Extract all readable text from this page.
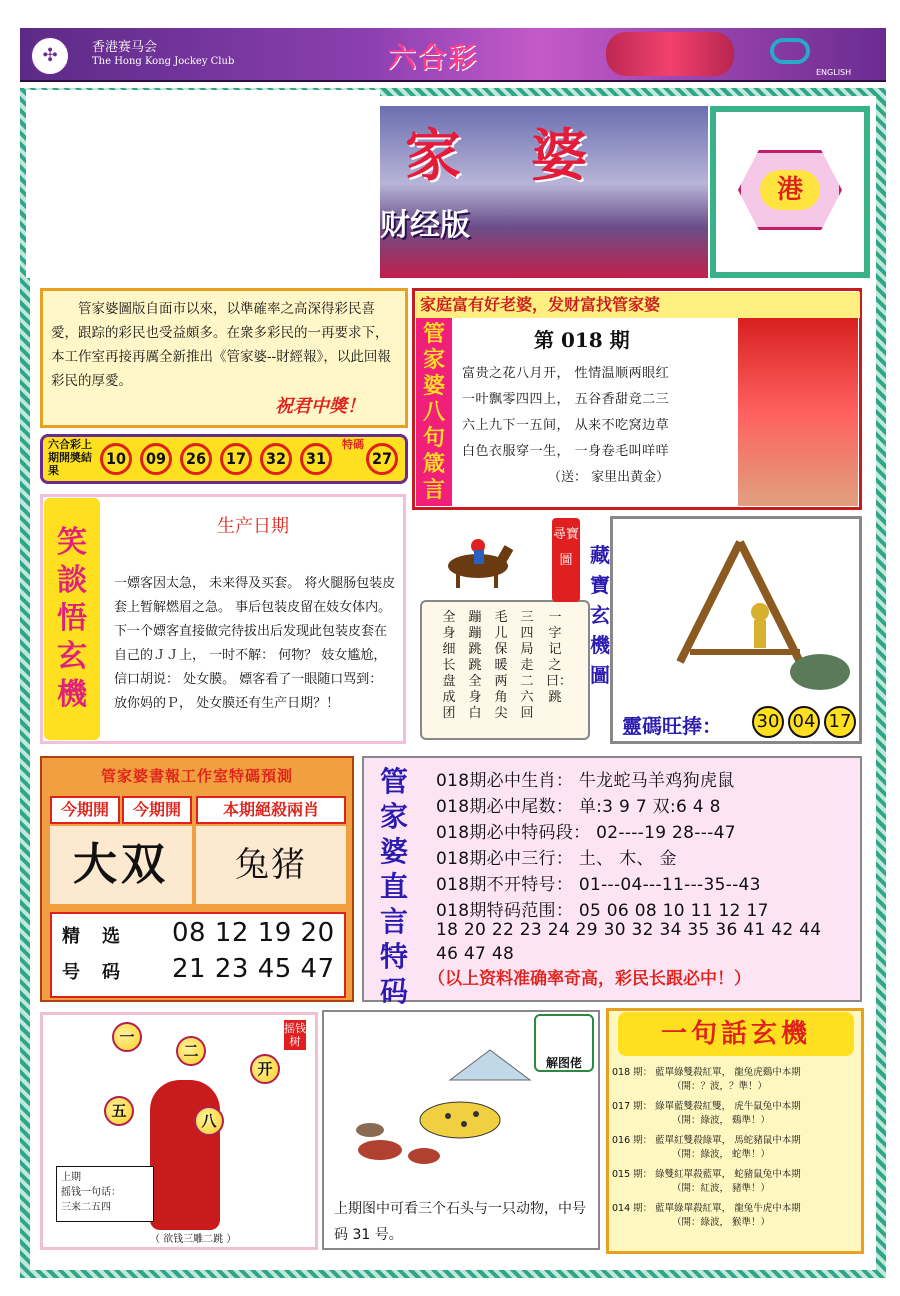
✣	香港赛马会
The Hong Kong Jockey Club	六合彩	ENGLISH
家婆
财经版
港
管家婆圖版自面市以來，以準確率之高深得彩民喜愛，跟踪的彩民也受益頗多。在衆多彩民的一再要求下，本工作室再接再厲全新推出《管家婆--財經報》，以此回報彩民的厚愛。
祝君中獎！
六合彩上期開奬結果
10	09	26	17	32	31
特碼
27
家庭富有好老婆，发财富找管家婆
管家婆八句箴言
第 018 期
富贵之花八月开， 性情温顺两眼红
一叶飘零四四上， 五谷香甜竞二三
六上九下一五间， 从来不吃窝边草
白色衣服穿一生， 一身卷毛叫咩咩
（送： 家里出黄金）
笑談悟玄機
生产日期
一嫖客因太急， 未来得及买套。 将火腿肠包装皮套上暂解燃眉之急。 事后包装皮留在妓女体内。 下一个嫖客直接做完待拔出后发现此包装皮套在自己的ＪＪ上， 一时不解： 何物？ 妓女尴尬， 信口胡说： 处女膜。 嫖客看了一眼随口骂到： 放你妈的Ｐ， 处女膜还有生产日期？！
全身细长盘成团
蹦蹦跳跳全身白
毛儿保暖两角尖
三四局走二六回
一字记之曰：跳
尋寶圖 藏寶玄機圖
靈碼旺捧： 30 04 17
管家婆書報工作室特碼預測
今期開	今期開	本期絕殺兩肖
大双	兔猪
精选
号码
08 12 19 20
21 23 45 47
管家婆直言特码
018期必中生肖： 牛龙蛇马羊鸡狗虎鼠
018期必中尾数： 单:3 9 7 双:6 4 8
018期必中特码段： 02----19 28---47
018期必中三行： 土、 木、 金
018期不开特号： 01---04---11---35--43
018期特码范围： 05 06 08 10 11 12 17
18 20 22 23 24 29 30 32 34 35 36 41 42 44
46 47 48
（以上资料准确率奇高，彩民长跟必中！）
摇钱树
一
二
开
五
八
上期
摇钱一句话：
三来二五四
（ 欲钱三雕二跳 ）
解图佬
上期图中可看三个石头与一只动物，中号码 31 号。
一句話玄機
018 期： 藍單綠雙殺紅單， 龍兔虎鷄中本期
（開：？波，？準！）
017 期： 綠單藍雙殺紅雙， 虎牛鼠兔中本期
（開：綠波， 鷄準！）
016 期： 藍單紅雙殺綠單， 馬蛇豬鼠中本期
（開：綠波， 蛇準！）
015 期： 綠雙紅單殺藍單， 蛇豬鼠兔中本期
（開：紅波， 豬準！）
014 期： 藍單綠單殺紅單， 龍兔牛虎中本期
（開：綠波， 猴準！）
